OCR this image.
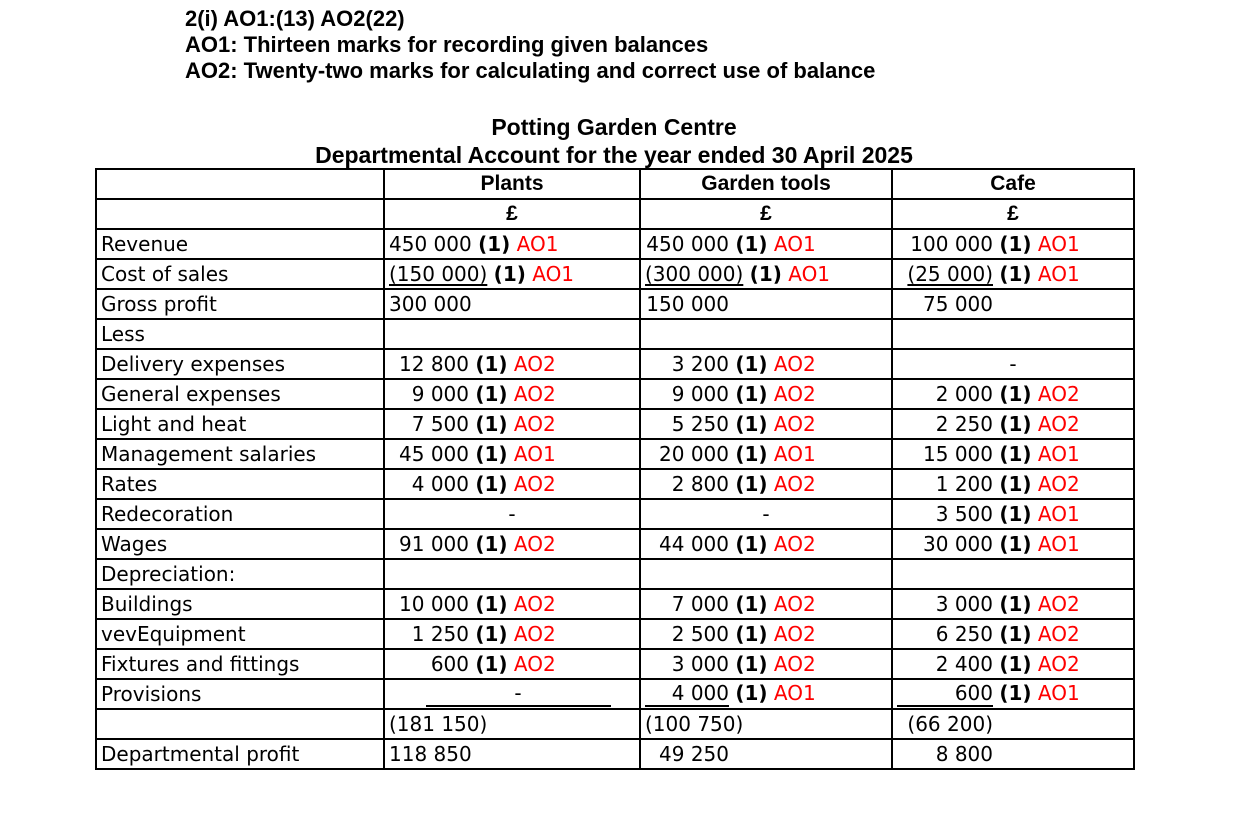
2(i) AO1:(13) AO2(22)
AO1: Thirteen marks for recording given balances
AO2: Twenty-two marks for calculating and correct use of balance
Potting Garden Centre
Departmental Account for the year ended 30 April 2025
	Plants	Garden tools	Cafe
	£	£	£
Revenue	450 000 (1) AO1	450 000 (1) AO1	100 000 (1) AO1
Cost of sales	(150 000) (1) AO1	(300 000) (1) AO1	(25 000) (1) AO1
Gross profit	300 000	150 000	75 000
Less			
Delivery expenses	12 800 (1) AO2	3 200 (1) AO2	-
General expenses	9 000 (1) AO2	9 000 (1) AO2	2 000 (1) AO2
Light and heat	7 500 (1) AO2	5 250 (1) AO2	2 250 (1) AO2
Management salaries	45 000 (1) AO1	20 000 (1) AO1	15 000 (1) AO1
Rates	4 000 (1) AO2	2 800 (1) AO2	1 200 (1) AO2
Redecoration	-	-	3 500 (1) AO1
Wages	91 000 (1) AO2	44 000 (1) AO2	30 000 (1) AO1
Depreciation:			
Buildings	10 000 (1) AO2	7 000 (1) AO2	3 000 (1) AO2
vevEquipment	1 250 (1) AO2	2 500 (1) AO2	6 250 (1) AO2
Fixtures and fittings	600 (1) AO2	3 000 (1) AO2	2 400 (1) AO2
Provisions	-	4 000 (1) AO1	600 (1) AO1
	(181 150)	(100 750)	(66 200)
Departmental profit	118 850	49 250	8 800
